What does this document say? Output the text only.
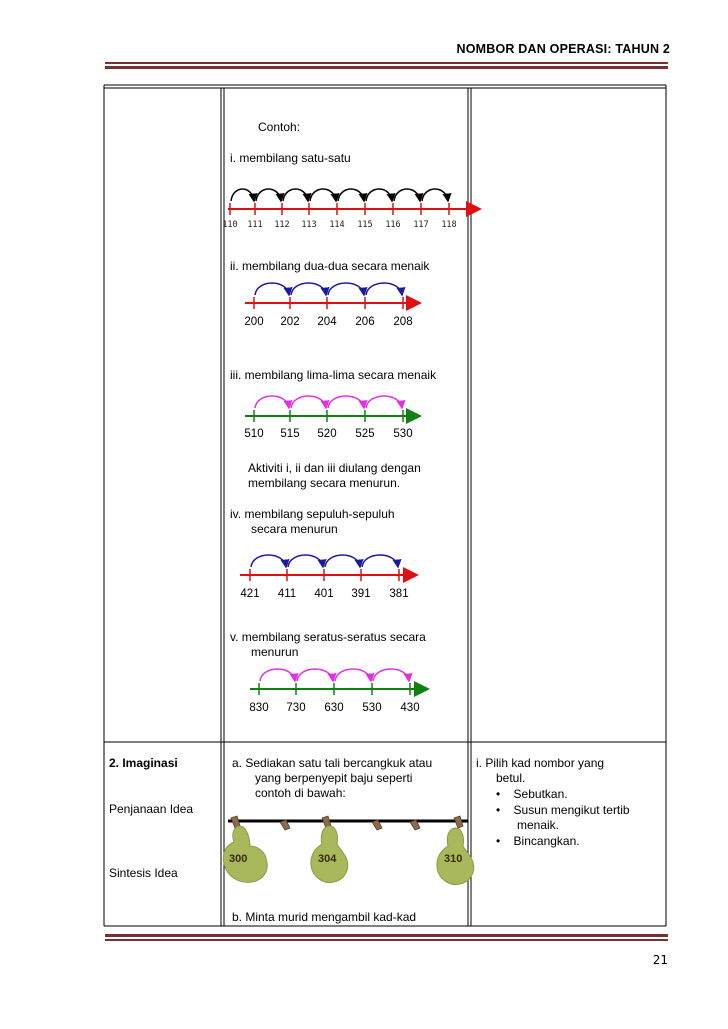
NOMBOR DAN OPERASI: TAHUN 2
Contoh:
i. membilang satu-satu
110	111	112	113	114	115	116	117	118
ii. membilang dua-dua secara menaik
200 202 204 206 208
iii. membilang lima-lima secara menaik
510 515 520 525 530
Aktiviti i, ii dan iii diulang dengan
membilang secara menurun.
iv. membilang sepuluh-sepuluh
secara menurun
421 411 401 391 381
v. membilang seratus-seratus secara
menurun
830 730 630 530 430
2. Imaginasi
Penjanaan Idea
Sintesis Idea
a. Sediakan satu tali bercangkuk atau
yang berpenyepit baju seperti
contoh di bawah:
300	304	310
b. Minta murid mengambil kad-kad
i. Pilih kad nombor yang
betul.
•    Sebutkan.
•    Susun mengikut tertib
menaik.
•    Bincangkan.
21
